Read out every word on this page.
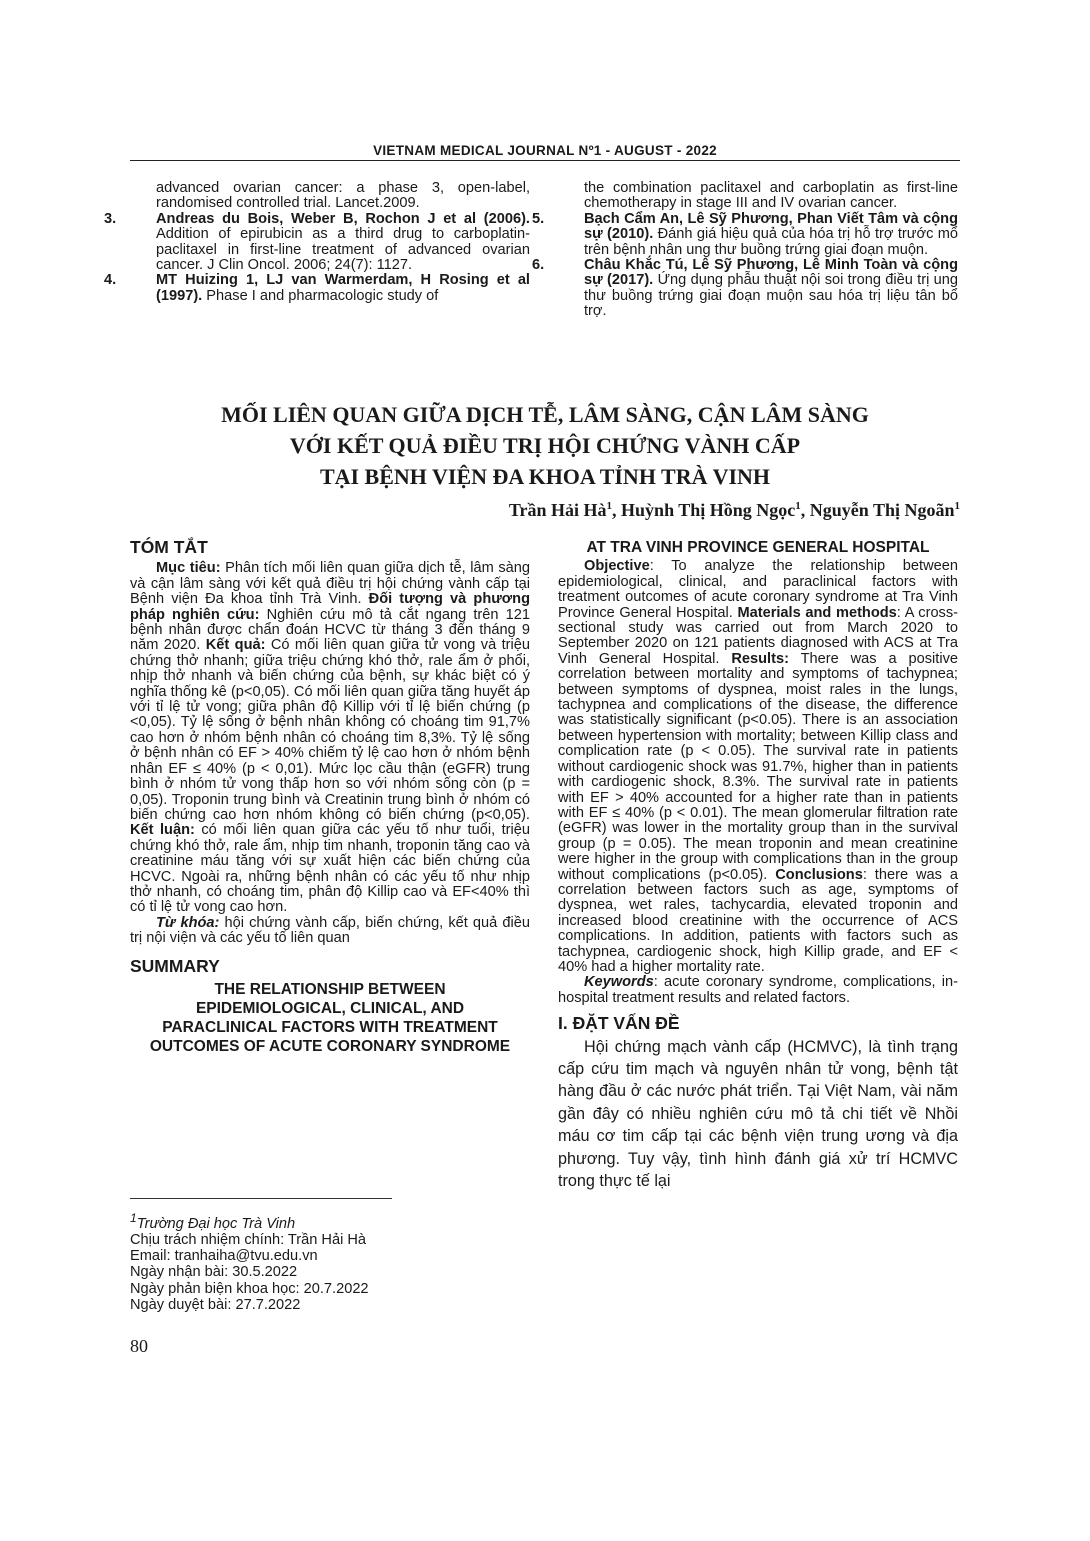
VIETNAM MEDICAL JOURNAL Nº1 - AUGUST - 2022

advanced ovarian cancer: a phase 3, open-label, randomised controlled trial. Lancet.2009.

3.	Andreas du Bois, Weber B, Rochon J et al (2006). Addition of epirubicin as a third drug to carboplatin-paclitaxel in first-line treatment of advanced ovarian cancer. J Clin Oncol. 2006; 24(7): 1127.

4.	MT Huizing 1, LJ van Warmerdam, H Rosing et al (1997). Phase I and pharmacologic study of

the combination paclitaxel and carboplatin as first-line chemotherapy in stage III and IV ovarian cancer.

5.	Bạch Cẩm An, Lê Sỹ Phương, Phan Viết Tâm và cộng sự (2010). Đánh giá hiệu quả của hóa trị hỗ trợ trước mổ trên bệnh nhân ung thư buồng trứng giai đoạn muộn.

6.	Châu Khắc Tú, Lê Sỹ Phương, Lê Minh Toàn và cộng sự (2017). Ứng dụng phẫu thuật nội soi trong điều trị ung thư buồng trứng giai đoạn muộn sau hóa trị liệu tân bổ trợ.

MỐI LIÊN QUAN GIỮA DỊCH TỄ, LÂM SÀNG, CẬN LÂM SÀNG
VỚI KẾT QUẢ ĐIỀU TRỊ HỘI CHỨNG VÀNH CẤP
TẠI BỆNH VIỆN ĐA KHOA TỈNH TRÀ VINH
Trần Hải $Hà^1$, Huỳnh Thị Hồng Ngọc$^1$, Nguyễn Thị Ngoãn$^1$
TÓM TẮT

Mục tiêu: Phân tích mối liên quan giữa dịch tễ, lâm sàng và cận lâm sàng với kết quả điều trị hội chứng vành cấp tại Bệnh viện Đa khoa tỉnh Trà Vinh. Đối tượng và phương pháp nghiên cứu: Nghiên cứu mô tả cắt ngang trên 121 bệnh nhân được chẩn đoán HCVC từ tháng 3 đến tháng 9 năm 2020. Kết quả: Có mối liên quan giữa tử vong và triệu chứng thở nhanh; giữa triệu chứng khó thở, rale ẩm ở phổi, nhịp thở nhanh và biến chứng của bệnh, sự khác biệt có ý nghĩa thống kê (p<0,05). Có mối liên quan giữa tăng huyết áp với tỉ lệ tử vong; giữa phân độ Killip với tỉ lệ biến chứng (p <0,05). Tỷ lệ sống ở bệnh nhân không có choáng tim 91,7% cao hơn ở nhóm bệnh nhân có choáng tim 8,3%. Tỷ lệ sống ở bệnh nhân có EF > 40% chiếm tỷ lệ cao hơn ở nhóm bệnh nhân EF ≤ 40% (p < 0,01). Mức lọc cầu thận (eGFR) trung bình ở nhóm tử vong thấp hơn so với nhóm sống còn (p = 0,05). Troponin trung bình và Creatinin trung bình ở nhóm có biến chứng cao hơn nhóm không có biến chứng (p<0,05). Kết luận: có mối liên quan giữa các yếu tố như tuổi, triệu chứng khó thở, rale ẩm, nhịp tim nhanh, troponin tăng cao và creatinine máu tăng với sự xuất hiện các biến chứng của HCVC. Ngoài ra, những bệnh nhân có các yếu tố như nhịp thở nhanh, có choáng tim, phân độ Killip cao và EF<40% thì có tỉ lệ tử vong cao hơn.

Từ khóa: hội chứng vành cấp, biến chứng, kết quả điều trị nội viện và các yếu tố liên quan

SUMMARY
THE RELATIONSHIP BETWEEN
EPIDEMIOLOGICAL, CLINICAL, AND
PARACLINICAL FACTORS WITH TREATMENT
OUTCOMES OF ACUTE CORONARY SYNDROME
AT TRA VINH PROVINCE GENERAL HOSPITAL

Objective: To analyze the relationship between epidemiological, clinical, and paraclinical factors with treatment outcomes of acute coronary syndrome at Tra Vinh Province General Hospital. Materials and methods: A cross-sectional study was carried out from March 2020 to September 2020 on 121 patients diagnosed with ACS at Tra Vinh General Hospital. Results: There was a positive correlation between mortality and symptoms of tachypnea; between symptoms of dyspnea, moist rales in the lungs, tachypnea and complications of the disease, the difference was statistically significant (p<0.05). There is an association between hypertension with mortality; between Killip class and complication rate (p < 0.05). The survival rate in patients without cardiogenic shock was 91.7%, higher than in patients with cardiogenic shock, 8.3%. The survival rate in patients with EF > 40% accounted for a higher rate than in patients with EF ≤ 40% (p < 0.01). The mean glomerular filtration rate (eGFR) was lower in the mortality group than in the survival group (p = 0.05). The mean troponin and mean creatinine were higher in the group with complications than in the group without complications (p<0.05). Conclusions: there was a correlation between factors such as age, symptoms of dyspnea, wet rales, tachycardia, elevated troponin and increased blood creatinine with the occurrence of ACS complications. In addition, patients with factors such as tachypnea, cardiogenic shock, high Killip grade, and EF < 40% had a higher mortality rate.

Keywords: acute coronary syndrome, complications, in-hospital treatment results and related factors.

I. ĐẶT VẤN ĐỀ

Hội chứng mạch vành cấp (HCMVC), là tình trạng cấp cứu tim mạch và nguyên nhân tử vong, bệnh tật hàng đầu ở các nước phát triển. Tại Việt Nam, vài năm gần đây có nhiều nghiên cứu mô tả chi tiết về Nhồi máu cơ tim cấp tại các bệnh viện trung ương và địa phương. Tuy vậy, tình hình đánh giá xử trí HCMVC trong thực tế lại

$^1$Trường Đại học Trà Vinh
Chịu trách nhiệm chính: Trần Hải Hà
Email: tranhaiha@tvu.edu.vn
Ngày nhận bài: 30.5.2022
Ngày phản biện khoa học: 20.7.2022
Ngày duyệt bài: 27.7.2022
80
